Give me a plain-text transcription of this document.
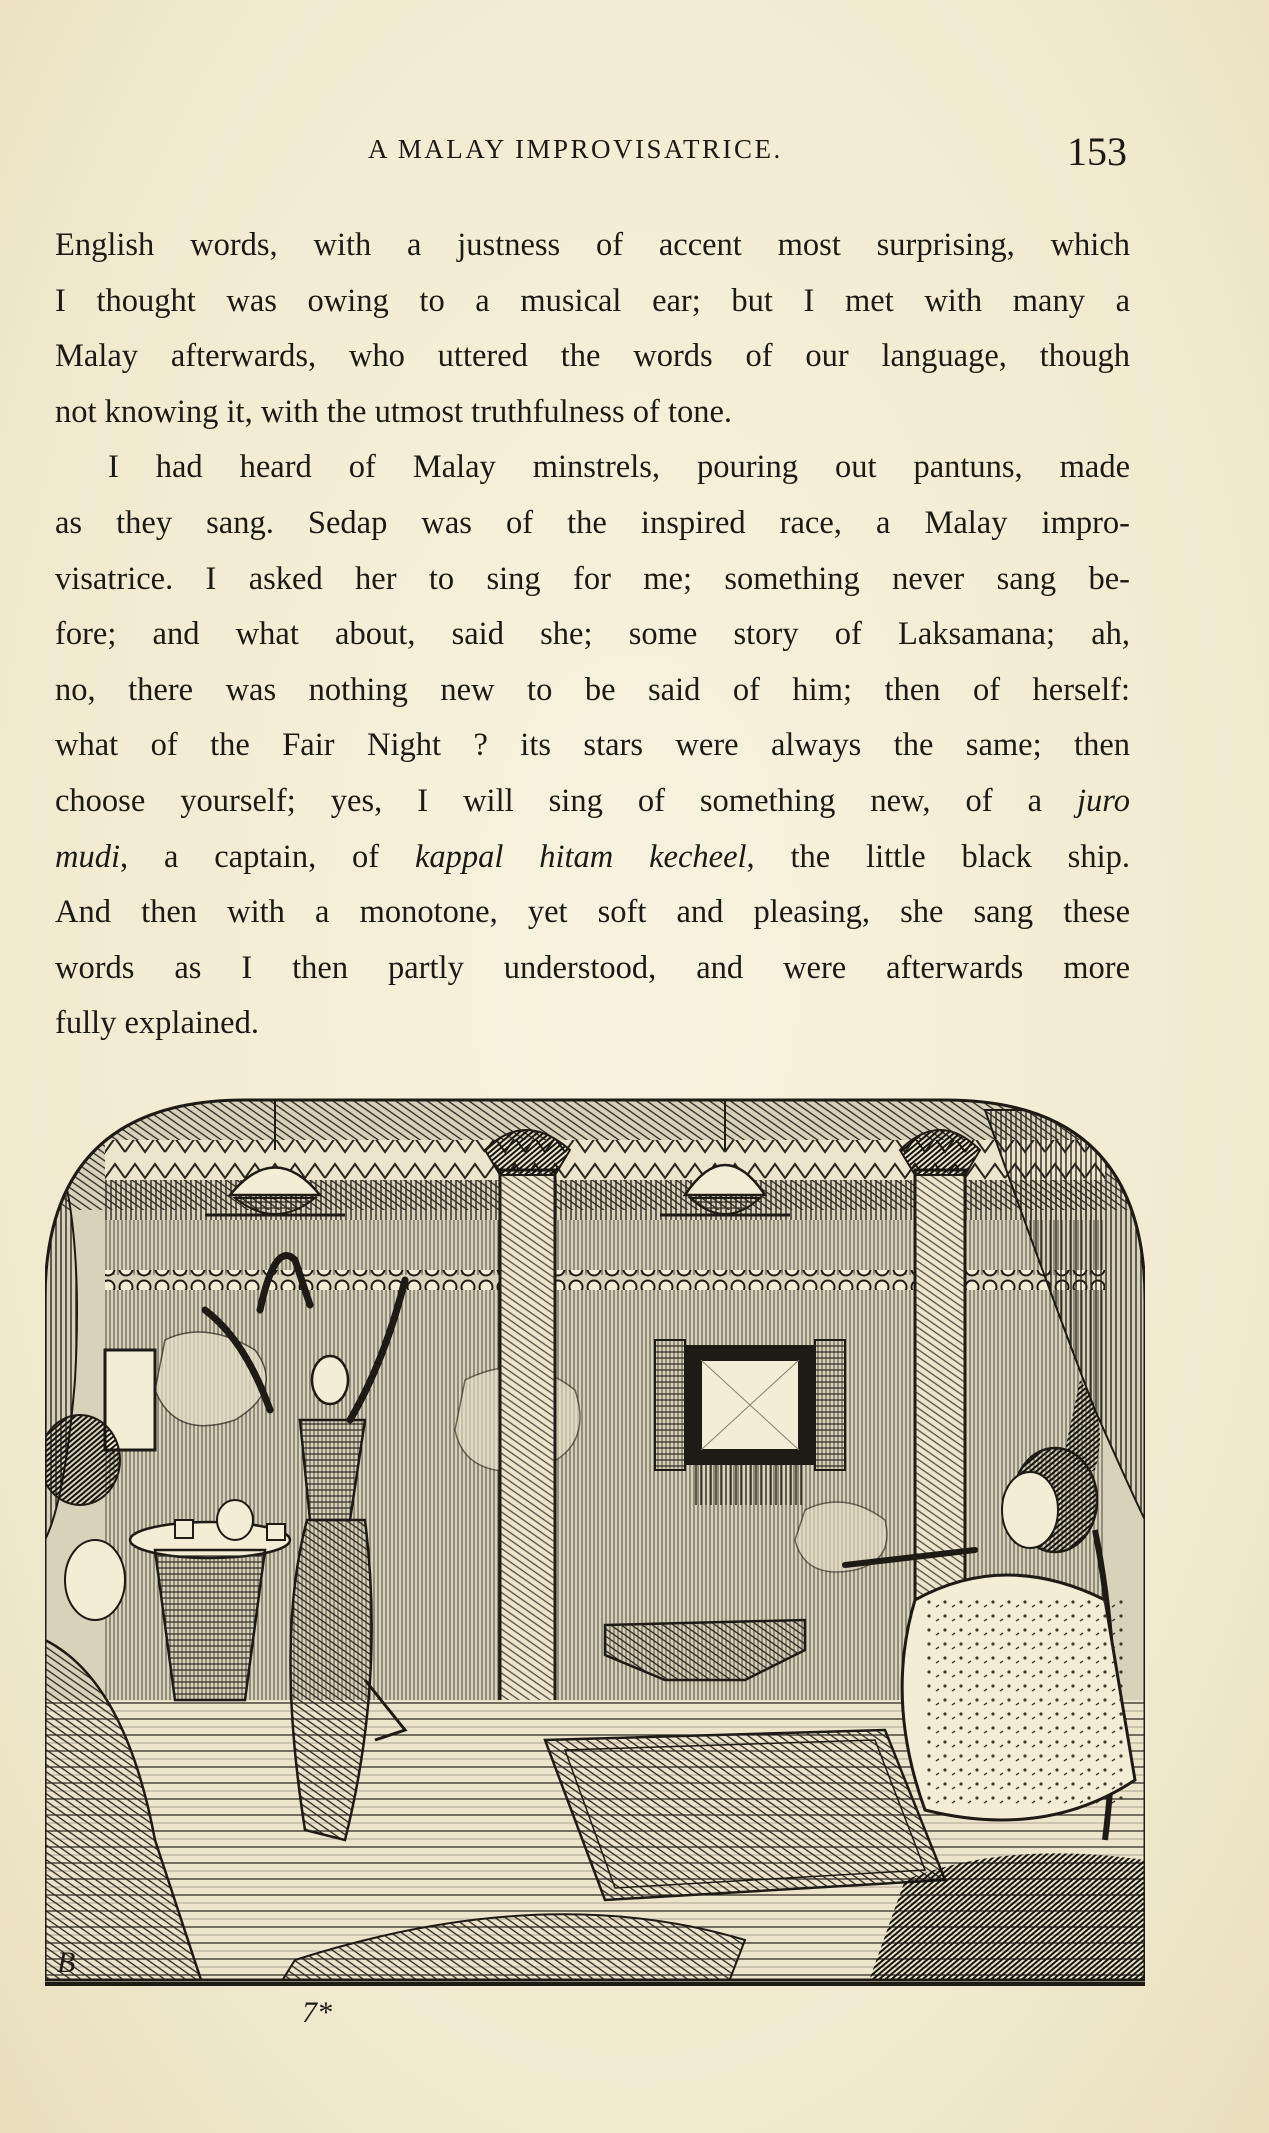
A MALAY IMPROVISATRICE.	153
English words, with a justness of accent most surprising, which
I thought was owing to a musical ear; but I met with many a
Malay afterwards, who uttered the words of our language, though
not knowing it, with the utmost truthfulness of tone.
I had heard of Malay minstrels, pouring out pantuns, made
as they sang. Sedap was of the inspired race, a Malay impro-
visatrice. I asked her to sing for me; something never sang be-
fore; and what about, said she; some story of Laksamana; ah,
no, there was nothing new to be said of him; then of herself:
what of the Fair Night ? its stars were always the same; then
choose yourself; yes, I will sing of something new, of a juro
mudi, a captain, of kappal hitam kecheel, the little black ship.
And then with a monotone, yet soft and pleasing, she sang these
words as I then partly understood, and were afterwards more
fully explained.
B
7*
